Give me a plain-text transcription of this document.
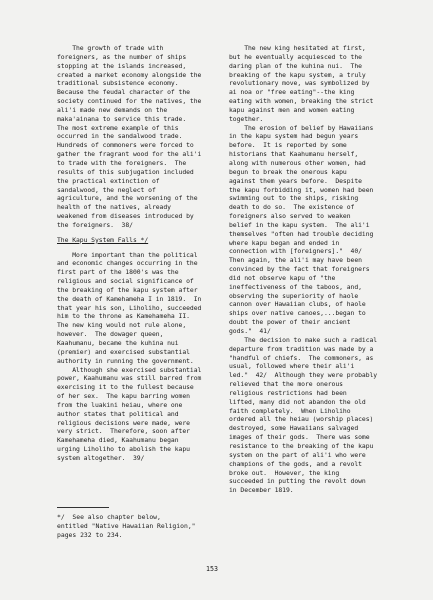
The growth of trade with
foreigners, as the number of ships
stopping at the islands increased,
created a market economy alongside the
traditional subsistence economy.
Because the feudal character of the
society continued for the natives, the
ali'i made new demands on the
maka'ainana to service this trade.
The most extreme example of this
occurred in the sandalwood trade.
Hundreds of commoners were forced to
gather the fragrant wood for the ali'i
to trade with the foreigners.  The
results of this subjugation included
the practical extinction of
sandalwood, the neglect of
agriculture, and the worsening of the
health of the natives, already
weakened from diseases introduced by
the foreigners.  38/
The Kapu System Falls */
More important than the political
and economic changes occurring in the
first part of the 1800's was the
religious and social significance of
the breaking of the kapu system after
the death of Kamehameha I in 1819.  In
that year his son, Liholiho, succeeded
him to the throne as Kamehameha II.
The new king would not rule alone,
however.  The dowager queen,
Kaahumanu, became the kuhina nui
(premier) and exercised substantial
authority in running the government.
Although she exercised substantial
power, Kaahumanu was still barred from
exercising it to the fullest because
of her sex.  The kapu barring women
from the luakini heiau, where one
author states that political and
religious decisions were made, were
very strict.  Therefore, soon after
Kamehameha died, Kaahumanu began
urging Liholiho to abolish the kapu
system altogether.  39/
The new king hesitated at first,
but he eventually acquiesced to the
daring plan of the kuhina nui.  The
breaking of the kapu system, a truly
revolutionary move, was symbolized by
ai noa or "free eating"--the king
eating with women, breaking the strict
kapu against men and women eating
together.
The erosion of belief by Hawaiians
in the kapu system had begun years
before.  It is reported by some
historians that Kaahumanu herself,
along with numerous other women, had
begun to break the onerous kapu
against them years before.  Despite
the kapu forbidding it, women had been
swimming out to the ships, risking
death to do so.  The existence of
foreigners also served to weaken
belief in the kapu system.  The ali'i
themselves "often had trouble deciding
where kapu began and ended in
connection with [foreigners]."  40/
Then again, the ali'i may have been
convinced by the fact that foreigners
did not observe kapu of "the
ineffectiveness of the taboos, and,
observing the superiority of haole
cannon over Hawaiian clubs, of haole
ships over native canoes,...began to
doubt the power of their ancient
gods."  41/
The decision to make such a radical
departure from tradition was made by a
"handful of chiefs.  The commoners, as
usual, followed where their ali'i
led."  42/  Although they were probably
relieved that the more onerous
religious restrictions had been
lifted, many did not abandon the old
faith completely.  When Liholiho
ordered all the heiau (worship places)
destroyed, some Hawaiians salvaged
images of their gods.  There was some
resistance to the breaking of the kapu
system on the part of ali'i who were
champions of the gods, and a revolt
broke out.  However, the king
succeeded in putting the revolt down
in December 1819.
*/  See also chapter below,
entitled "Native Hawaiian Religion,"
pages 232 to 234.
153
